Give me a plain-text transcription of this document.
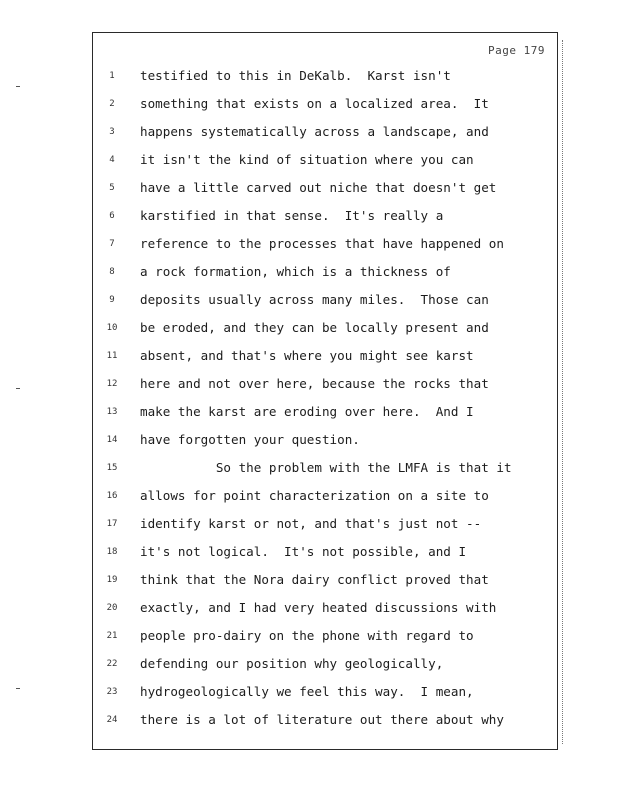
Page 179
1	testified to this in DeKalb.  Karst isn't
2	something that exists on a localized area.  It
3	happens systematically across a landscape, and
4	it isn't the kind of situation where you can
5	have a little carved out niche that doesn't get
6	karstified in that sense.  It's really a
7	reference to the processes that have happened on
8	a rock formation, which is a thickness of
9	deposits usually across many miles.  Those can
10	be eroded, and they can be locally present and
11	absent, and that's where you might see karst
12	here and not over here, because the rocks that
13	make the karst are eroding over here.  And I
14	have forgotten your question.
15	So the problem with the LMFA is that it
16	allows for point characterization on a site to
17	identify karst or not, and that's just not --
18	it's not logical.  It's not possible, and I
19	think that the Nora dairy conflict proved that
20	exactly, and I had very heated discussions with
21	people pro-dairy on the phone with regard to
22	defending our position why geologically,
23	hydrogeologically we feel this way.  I mean,
24	there is a lot of literature out there about why
